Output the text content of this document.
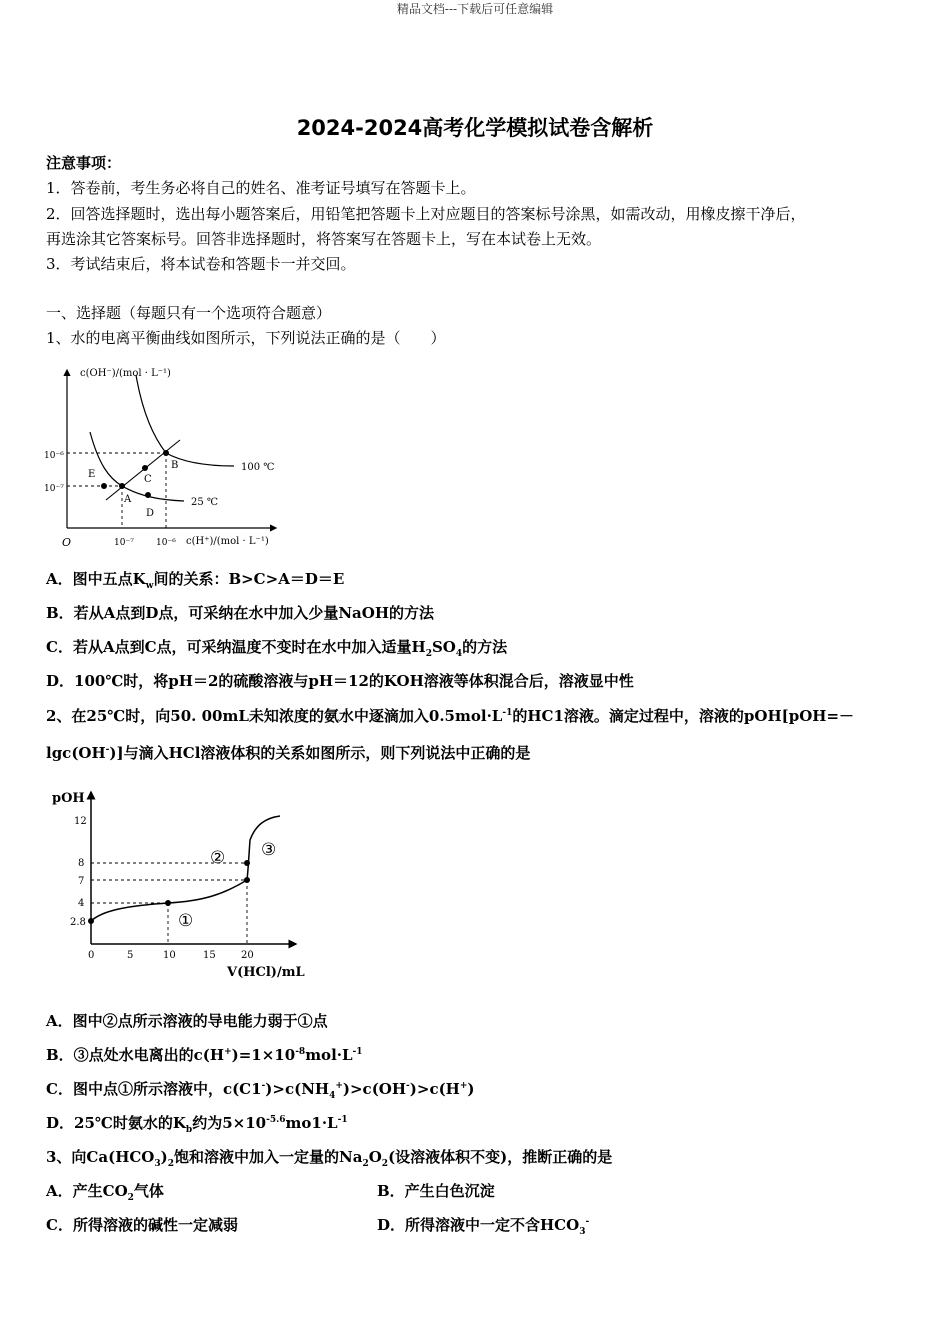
精品文档---下载后可任意编辑
2024-2024高考化学模拟试卷含解析
注意事项：
1．答卷前，考生务必将自己的姓名、准考证号填写在答题卡上。
2．回答选择题时，选出每小题答案后，用铅笔把答题卡上对应题目的答案标号涂黑，如需改动，用橡皮擦干净后，
再选涂其它答案标号。回答非选择题时，将答案写在答题卡上，写在本试卷上无效。
3．考试结束后，将本试卷和答题卡一并交回。
一、选择题（每题只有一个选项符合题意）
1、水的电离平衡曲线如图所示，下列说法正确的是（　　）
c(OH⁻)/(mol · L⁻¹)
c(H⁺)/(mol · L⁻¹)
O
10⁻⁶
10⁻⁷
10⁻⁷ 10⁻⁶
100 ℃
25 ℃
A
B
C
D
E
A．图中五点$K_w$间的关系：B>C>A＝D＝E
B．若从A点到D点，可采纳在水中加入少量NaOH的方法
C．若从A点到C点，可采纳温度不变时在水中加入适量$H_2SO_4$的方法
D．100℃时，将pH＝2的硫酸溶液与pH＝12的KOH溶液等体积混合后，溶液显中性
2、在25℃时，向50. 00mL未知浓度的氨水中逐滴加入$0.5mol\cdot L^{-1}$的HC1溶液。滴定过程中，溶液的pOH[pOH=－
lgc(OH-)]与滴入HCl溶液体积的关系如图所示，则下列说法中正确的是
pOH
V(HCl)/mL
12
8
7
4
2.8
0	5	10	15	20
①
② ③
A．图中②点所示溶液的导电能力弱于①点
B．③点处水电离出的$c(H^+)=1\times 10^{-8}mol\cdot L^{-1}$
C．图中点①所示溶液中，$c(C1^-)>c(NH_4^+)>c(OH^-)>c(H^+)$
D．25℃时氨水的$K_b$约为$5\times 10^{-5.6}mo1\cdot L^{-1}$
3、向$Ca(HCO_3)_2$饱和溶液中加入一定量的$Na_2O_2$(设溶液体积不变)，推断正确的是
A．产生$CO_2$气体	B．产生白色沉淀
C．所得溶液的碱性一定减弱	D．所得溶液中一定不含$HCO_3^-$
